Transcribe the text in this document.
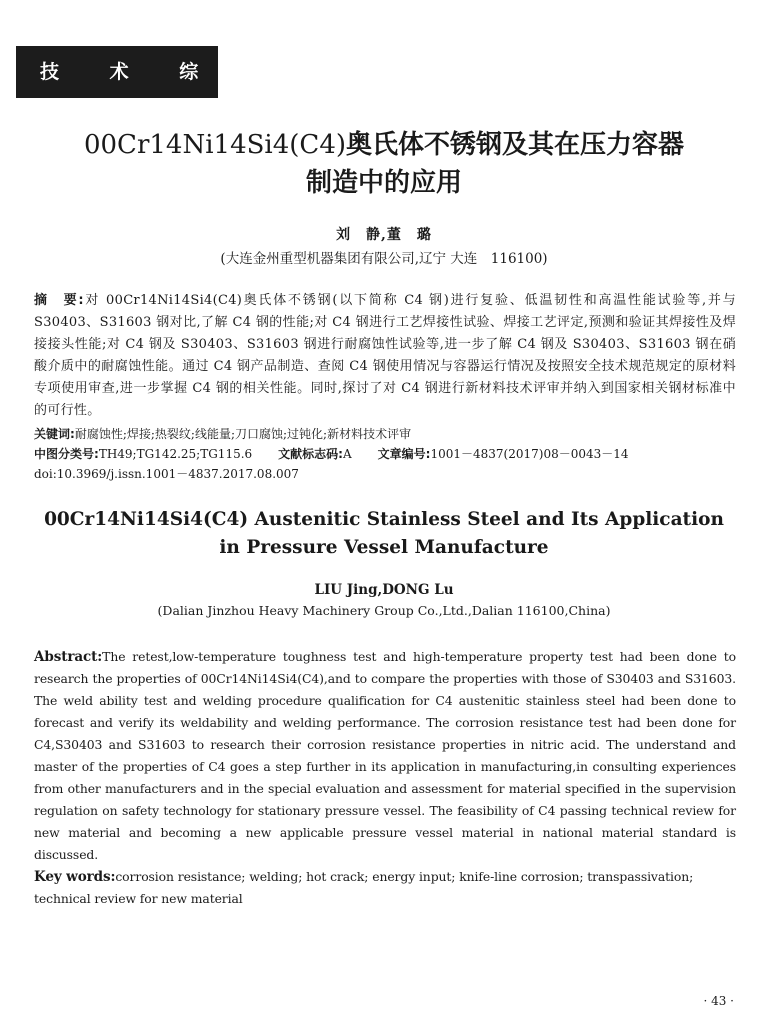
技 术 综 述
00Cr14Ni14Si4(C4)奥氏体不锈钢及其在压力容器
制造中的应用
刘　静,董　璐
(大连金州重型机器集团有限公司,辽宁 大连　116100)
摘　要:对 00Cr14Ni14Si4(C4)奥氏体不锈钢(以下简称 C4 钢)进行复验、低温韧性和高温性能试验等,并与 S30403、S31603 钢对比,了解 C4 钢的性能;对 C4 钢进行工艺焊接性试验、焊接工艺评定,预测和验证其焊接性及焊接接头性能;对 C4 钢及 S30403、S31603 钢进行耐腐蚀性试验等,进一步了解 C4 钢及 S30403、S31603 钢在硝酸介质中的耐腐蚀性能。通过 C4 钢产品制造、查阅 C4 钢使用情况与容器运行情况及按照安全技术规范规定的原材料专项使用审查,进一步掌握 C4 钢的相关性能。同时,探讨了对 C4 钢进行新材料技术评审并纳入到国家相关钢材标准中的可行性。
关键词:耐腐蚀性;焊接;热裂纹;线能量;刀口腐蚀;过钝化;新材料技术评审
中图分类号:TH49;TG142.25;TG115.6 文献标志码:A 文章编号:1001－4837(2017)08－0043－14
doi:10.3969/j.issn.1001－4837.2017.08.007
00Cr14Ni14Si4(C4) Austenitic Stainless Steel and Its Application
in Pressure Vessel Manufacture
LIU Jing,DONG Lu
(Dalian Jinzhou Heavy Machinery Group Co.,Ltd.,Dalian 116100,China)
Abstract:The retest,low-temperature toughness test and high-temperature property test had been done to research the properties of 00Cr14Ni14Si4(C4),and to compare the properties with those of S30403 and S31603. The weld ability test and welding procedure qualification for C4 austenitic stainless steel had been done to forecast and verify its weldability and welding performance. The corrosion resistance test had been done for C4,S30403 and S31603 to research their corrosion resistance properties in nitric acid. The understand and master of the properties of C4 goes a step further in its application in manufacturing,in consulting experiences from other manufacturers and in the special evaluation and assessment for material specified in the supervision regulation on safety technology for stationary pressure vessel. The feasibility of C4 passing technical review for new material and becoming a new applicable pressure vessel material in national material standard is discussed.
Key words:corrosion resistance; welding; hot crack; energy input; knife-line corrosion; transpassivation; technical review for new material
· 43 ·
